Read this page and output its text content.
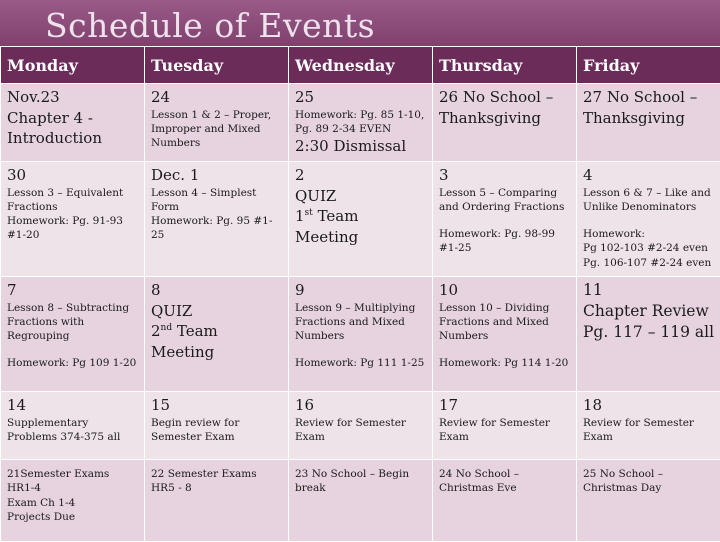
Schedule of Events
Monday	Tuesday	Wednesday	Thursday	Friday

Nov.23
Chapter 4 -
Introduction	24
Lesson 1 & 2 – Proper, Improper and Mixed Numbers	25
Homework: Pg. 85 1-10, Pg. 89 2-34 EVEN
2:30 Dismissal	26 No School – Thanksgiving	27 No School – Thanksgiving

30
Lesson 3 – Equivalent Fractions
Homework: Pg. 91-93 #1-20	Dec. 1
Lesson 4 – Simplest Form
Homework: Pg. 95 #1-25	2
QUIZ
1st Team
Meeting	3
Lesson 5 – Comparing and Ordering Fractions
Homework: Pg. 98-99 #1-25	4
Lesson 6 & 7 – Like and Unlike Denominators
Homework:
Pg 102-103 #2-24 even
Pg. 106-107 #2-24 even

7
Lesson 8 – Subtracting Fractions with Regrouping
Homework: Pg 109 1-20	8
QUIZ
2nd Team
Meeting	9
Lesson 9 – Multiplying Fractions and Mixed Numbers
Homework: Pg 111 1-25	10
Lesson 10 – Dividing Fractions and Mixed Numbers
Homework: Pg 114 1-20	11
Chapter Review
Pg. 117 – 119 all

14
Supplementary Problems 374-375 all	15
Begin review for Semester Exam	16
Review for Semester Exam	17
Review for Semester Exam	18
Review for Semester Exam

21Semester Exams HR1-4
Exam Ch 1-4
Projects Due	22 Semester Exams HR5 - 8	23 No School – Begin break	24 No School – Christmas Eve	25 No School – Christmas Day
